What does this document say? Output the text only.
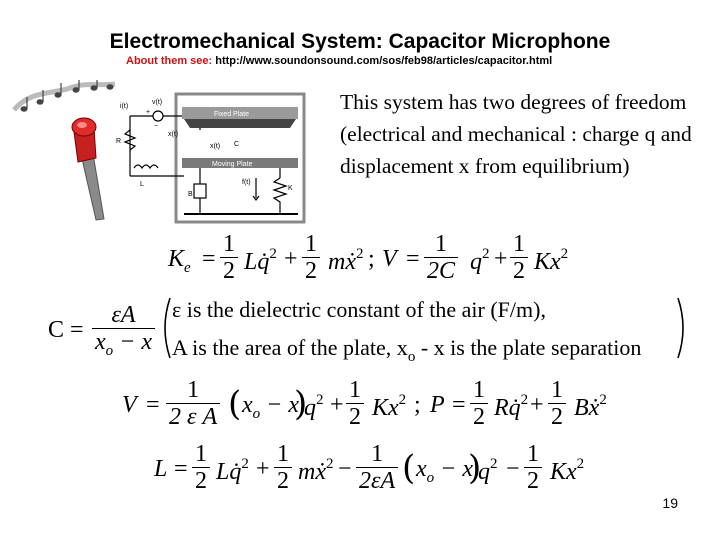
Electromechanical System: Capacitor Microphone
About them see: http://www.soundonsound.com/sos/feb98/articles/capacitor.html
Fixed Plate
Moving Plate
i(t)
v(t)
x(t)
x(t)
R
L
C
B
K
f(t)
+
−
This system has two degrees of freedom
(electrical and mechanical : charge q and
displacement x from equilibrium)
$K_e$ =
1
2 Lq̇$^2$ +
1
2 mẋ$^2$ ; V =
1
2C $q^2$ +
1
2 Kx$^2$
C =
εA
$x_o - x$
ε is the dielectric constant of the air (F/m),
A is the area of the plate, $x_o$ - x is the plate separation
V =
1
2 ε A ( $x_o - x$
)
$q^2$ +
1
2 Kx$^2$ ; P =
1
2 Rq̇$^2$ +
1
2 Bẋ$^2$
L =
1
2 Lq̇$^2$ +
1
2 mẋ$^2$ −
1
2εA ( $x_o - x$
)
$q^2$ −
1
2 Kx$^2$
19
